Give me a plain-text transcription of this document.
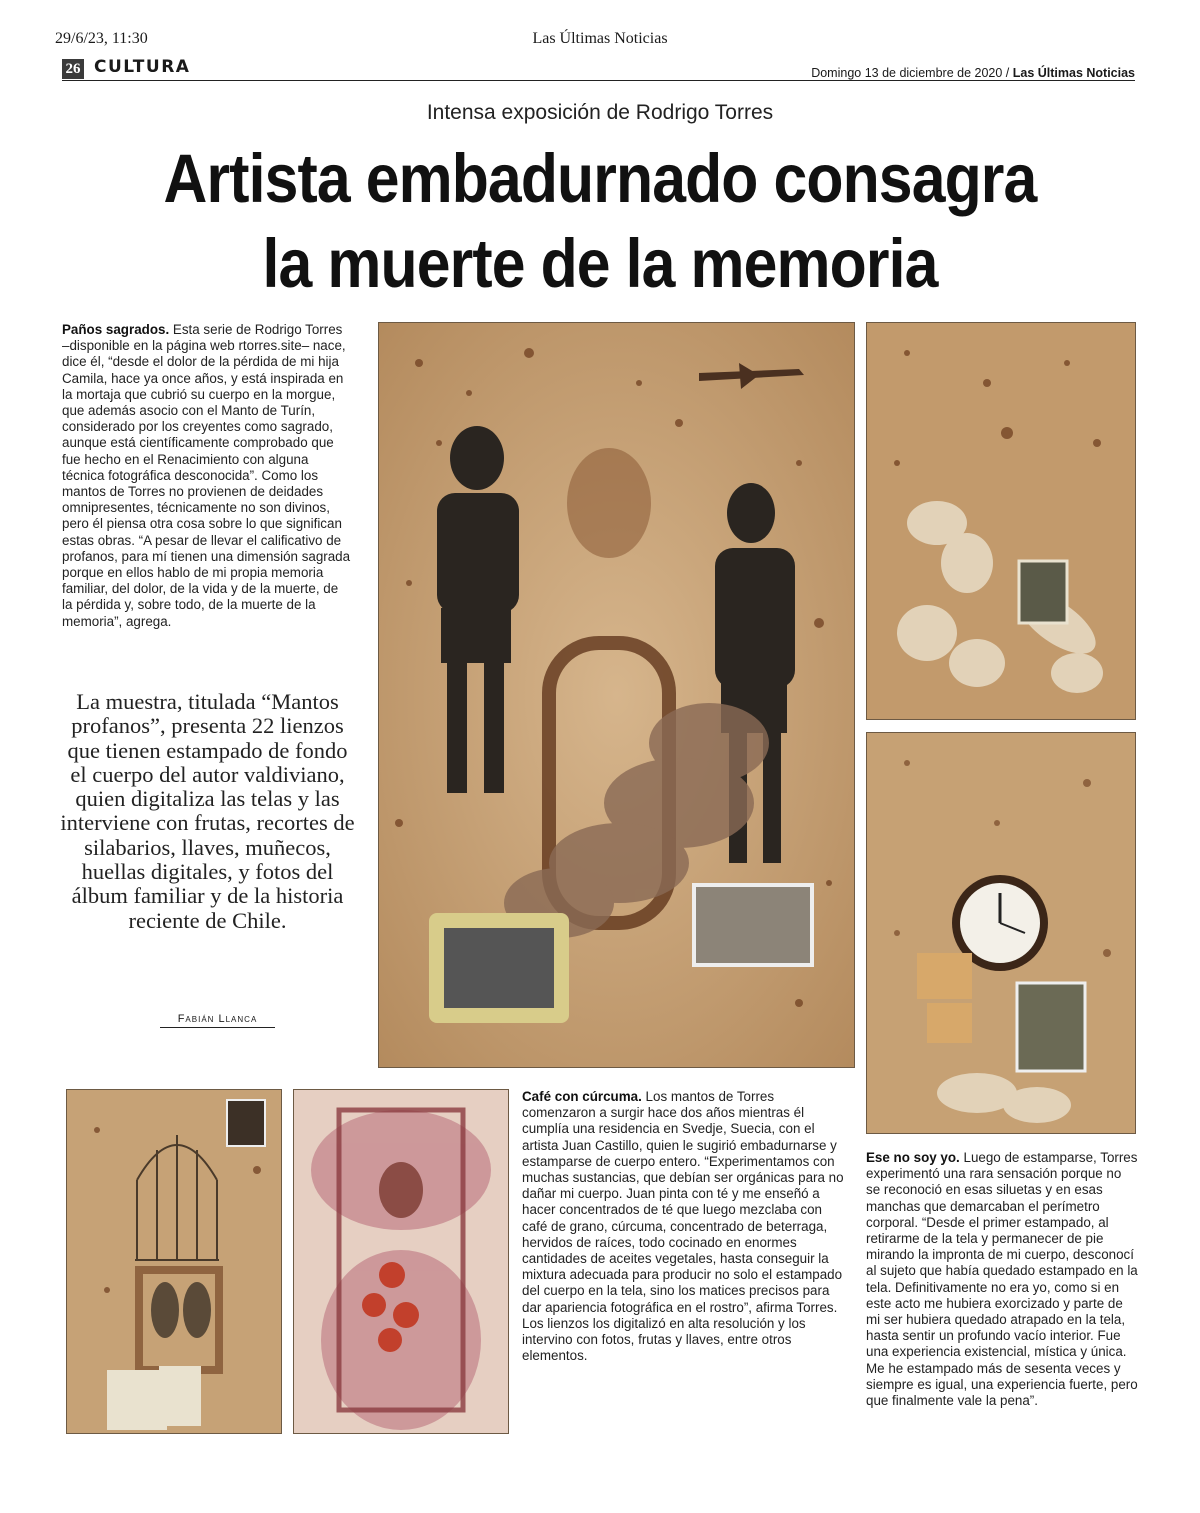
29/6/23, 11:30	Las Últimas Noticias
26 CULTURA	Domingo 13 de diciembre de 2020 / Las Últimas Noticias
Intensa exposición de Rodrigo Torres
Artista embadurnado consagra
la muerte de la memoria
Paños sagrados. Esta serie de Rodrigo Torres –disponible en la página web rtorres.site– nace, dice él, “desde el dolor de la pérdida de mi hija Camila, hace ya once años, y está inspirada en la mortaja que cubrió su cuerpo en la morgue, que además asocio con el Manto de Turín, considerado por los creyentes como sagrado, aunque está científicamente comprobado que fue hecho en el Renacimiento con alguna técnica fotográfica desconocida”. Como los mantos de Torres no provienen de deidades omnipresentes, técnicamente no son divinos, pero él piensa otra cosa sobre lo que significan estas obras. “A pesar de llevar el calificativo de profanos, para mí tienen una dimensión sagrada porque en ellos hablo de mi propia memoria familiar, del dolor, de la vida y de la muerte, de la pérdida y, sobre todo, de la muerte de la memoria”, agrega.
La muestra, titulada “Mantos profanos”, presenta 22 lienzos que tienen estampado de fondo el cuerpo del autor valdiviano, quien digitaliza las telas y las interviene con frutas, recortes de silabarios, llaves, muñecos, huellas digitales, y fotos del álbum familiar y de la historia reciente de Chile.
Fabián Llanca
Café con cúrcuma. Los mantos de Torres comenzaron a surgir hace dos años mientras él cumplía una residencia en Svedje, Suecia, con el artista Juan Castillo, quien le sugirió embadurnarse y estamparse de cuerpo entero. “Experimentamos con muchas sustancias, que debían ser orgánicas para no dañar mi cuerpo. Juan pinta con té y me enseñó a hacer concentrados de té que luego mezclaba con café de grano, cúrcuma, concentrado de beterraga, hervidos de raíces, todo cocinado en enormes cantidades de aceites vegetales, hasta conseguir la mixtura adecuada para producir no solo el estampado del cuerpo en la tela, sino los matices precisos para dar apariencia fotográfica en el rostro”, afirma Torres. Los lienzos los digitalizó en alta resolución y los intervino con fotos, frutas y llaves, entre otros elementos.
Ese no soy yo. Luego de estamparse, Torres experimentó una rara sensación porque no se reconoció en esas siluetas y en esas manchas que demarcaban el perímetro corporal. “Desde el primer estampado, al retirarme de la tela y permanecer de pie mirando la impronta de mi cuerpo, desconocí al sujeto que había quedado estampado en la tela. Definitivamente no era yo, como si en este acto me hubiera exorcizado y parte de mi ser hubiera quedado atrapado en la tela, hasta sentir un profundo vacío interior. Fue una experiencia existencial, mística y única. Me he estampado más de sesenta veces y siempre es igual, una experiencia fuerte, pero que finalmente vale la pena”.
